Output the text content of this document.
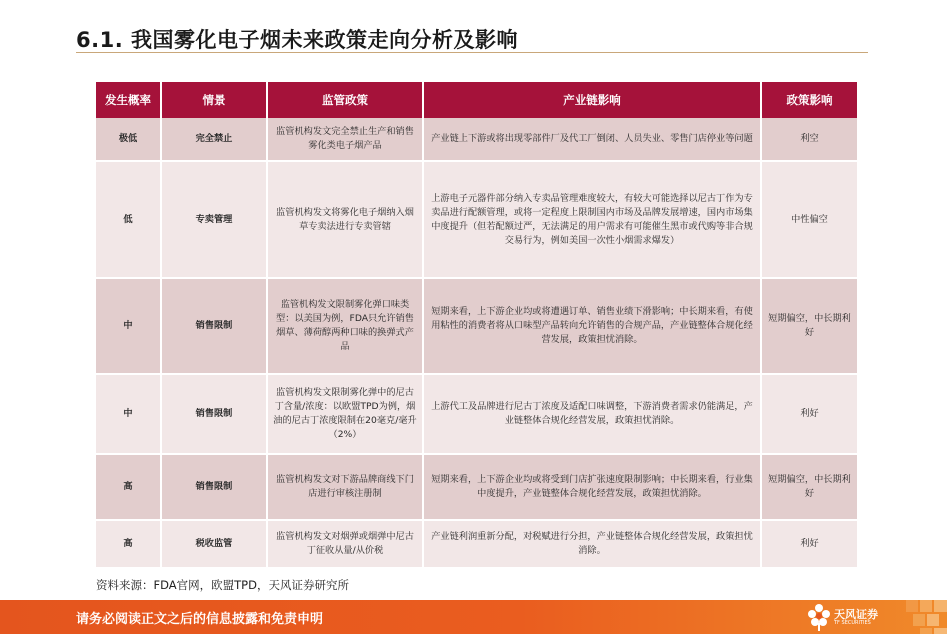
6.1. 我国雾化电子烟未来政策走向分析及影响
发生概率	情景	监管政策	产业链影响	政策影响
极低	完全禁止	监管机构发文完全禁止生产和销售雾化类电子烟产品	产业链上下游或将出现零部件厂及代工厂倒闭、人员失业、零售门店停业等问题	利空
低	专卖管理	监管机构发文将雾化电子烟纳入烟草专卖法进行专卖管辖	上游电子元器件部分纳入专卖品管理难度较大，有较大可能选择以尼古丁作为专卖品进行配额管理，或将一定程度上限制国内市场及品牌发展增速，国内市场集中度提升（但若配额过严，无法满足的用户需求有可能催生黑市或代购等非合规交易行为，例如美国一次性小烟需求爆发）	中性偏空
中	销售限制	监管机构发文限制雾化弹口味类型：以美国为例，FDA只允许销售烟草、薄荷醇两种口味的换弹式产品	短期来看，上下游企业均或将遭遇订单、销售业绩下滑影响；中长期来看，有使用粘性的消费者将从口味型产品转向允许销售的合规产品，产业链整体合规化经营发展，政策担忧消除。	短期偏空，中长期利好
中	销售限制	监管机构发文限制雾化弹中的尼古丁含量/浓度：以欧盟TPD为例，烟油的尼古丁浓度限制在20毫克/毫升（2%）	上游代工及品牌进行尼古丁浓度及适配口味调整，下游消费者需求仍能满足，产业链整体合规化经营发展，政策担忧消除。	利好
高	销售限制	监管机构发文对下游品牌商线下门店进行审核注册制	短期来看，上下游企业均或将受到门店扩张速度限制影响；中长期来看，行业集中度提升，产业链整体合规化经营发展，政策担忧消除。	短期偏空，中长期利好
高	税收监管	监管机构发文对烟弹或烟弹中尼古丁征收从量/从价税	产业链利润重新分配，对税赋进行分担，产业链整体合规化经营发展，政策担忧消除。	利好
资料来源：FDA官网，欧盟TPD，天风证券研究所
请务必阅读正文之后的信息披露和免责申明	天风证券
TF SECURITIES
